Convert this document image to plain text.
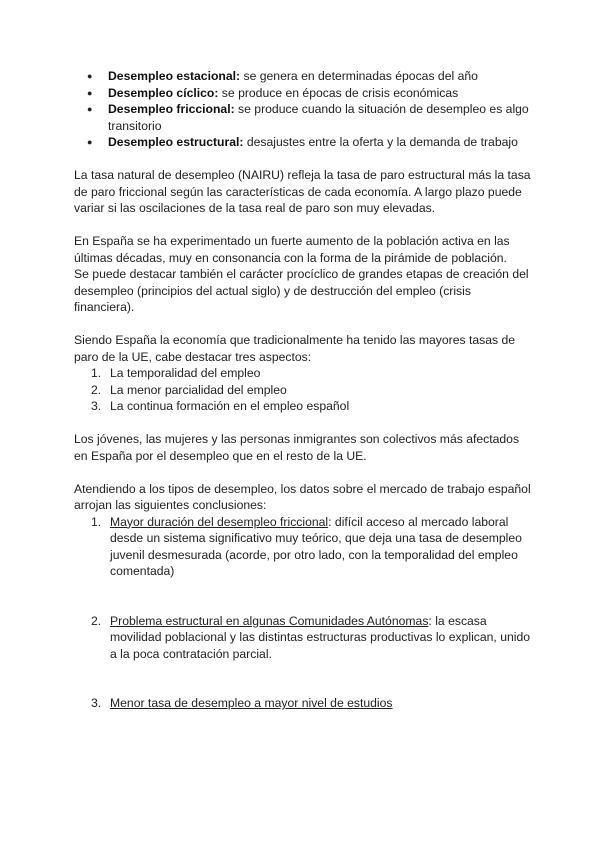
● Desempleo estacional: se genera en determinadas épocas del año
● Desempleo cíclico: se produce en épocas de crisis económicas
● Desempleo friccional: se produce cuando la situación de desempleo es algo transitorio
● Desempleo estructural: desajustes entre la oferta y la demanda de trabajo

La tasa natural de desempleo (NAIRU) refleja la tasa de paro estructural más la tasa de paro friccional según las características de cada economía. A largo plazo puede variar si las oscilaciones de la tasa real de paro son muy elevadas.

En España se ha experimentado un fuerte aumento de la población activa en las últimas décadas, muy en consonancia con la forma de la pirámide de población.

Se puede destacar también el carácter procíclico de grandes etapas de creación del desempleo (principios del actual siglo) y de destrucción del empleo (crisis financiera).

Siendo España la economía que tradicionalmente ha tenido las mayores tasas de paro de la UE, cabe destacar tres aspectos:

1. La temporalidad del empleo
2. La menor parcialidad del empleo
3. La continua formación en el empleo español

Los jóvenes, las mujeres y las personas inmigrantes son colectivos más afectados en España por el desempleo que en el resto de la UE.

Atendiendo a los tipos de desempleo, los datos sobre el mercado de trabajo español arrojan las siguientes conclusiones:

1. Mayor duración del desempleo friccional: difícil acceso al mercado laboral desde un sistema significativo muy teórico, que deja una tasa de desempleo juvenil desmesurada (acorde, por otro lado, con la temporalidad del empleo comentada)
2. Problema estructural en algunas Comunidades Autónomas: la escasa movilidad poblacional y las distintas estructuras productivas lo explican, unido a la poca contratación parcial.
3. Menor tasa de desempleo a mayor nivel de estudios
